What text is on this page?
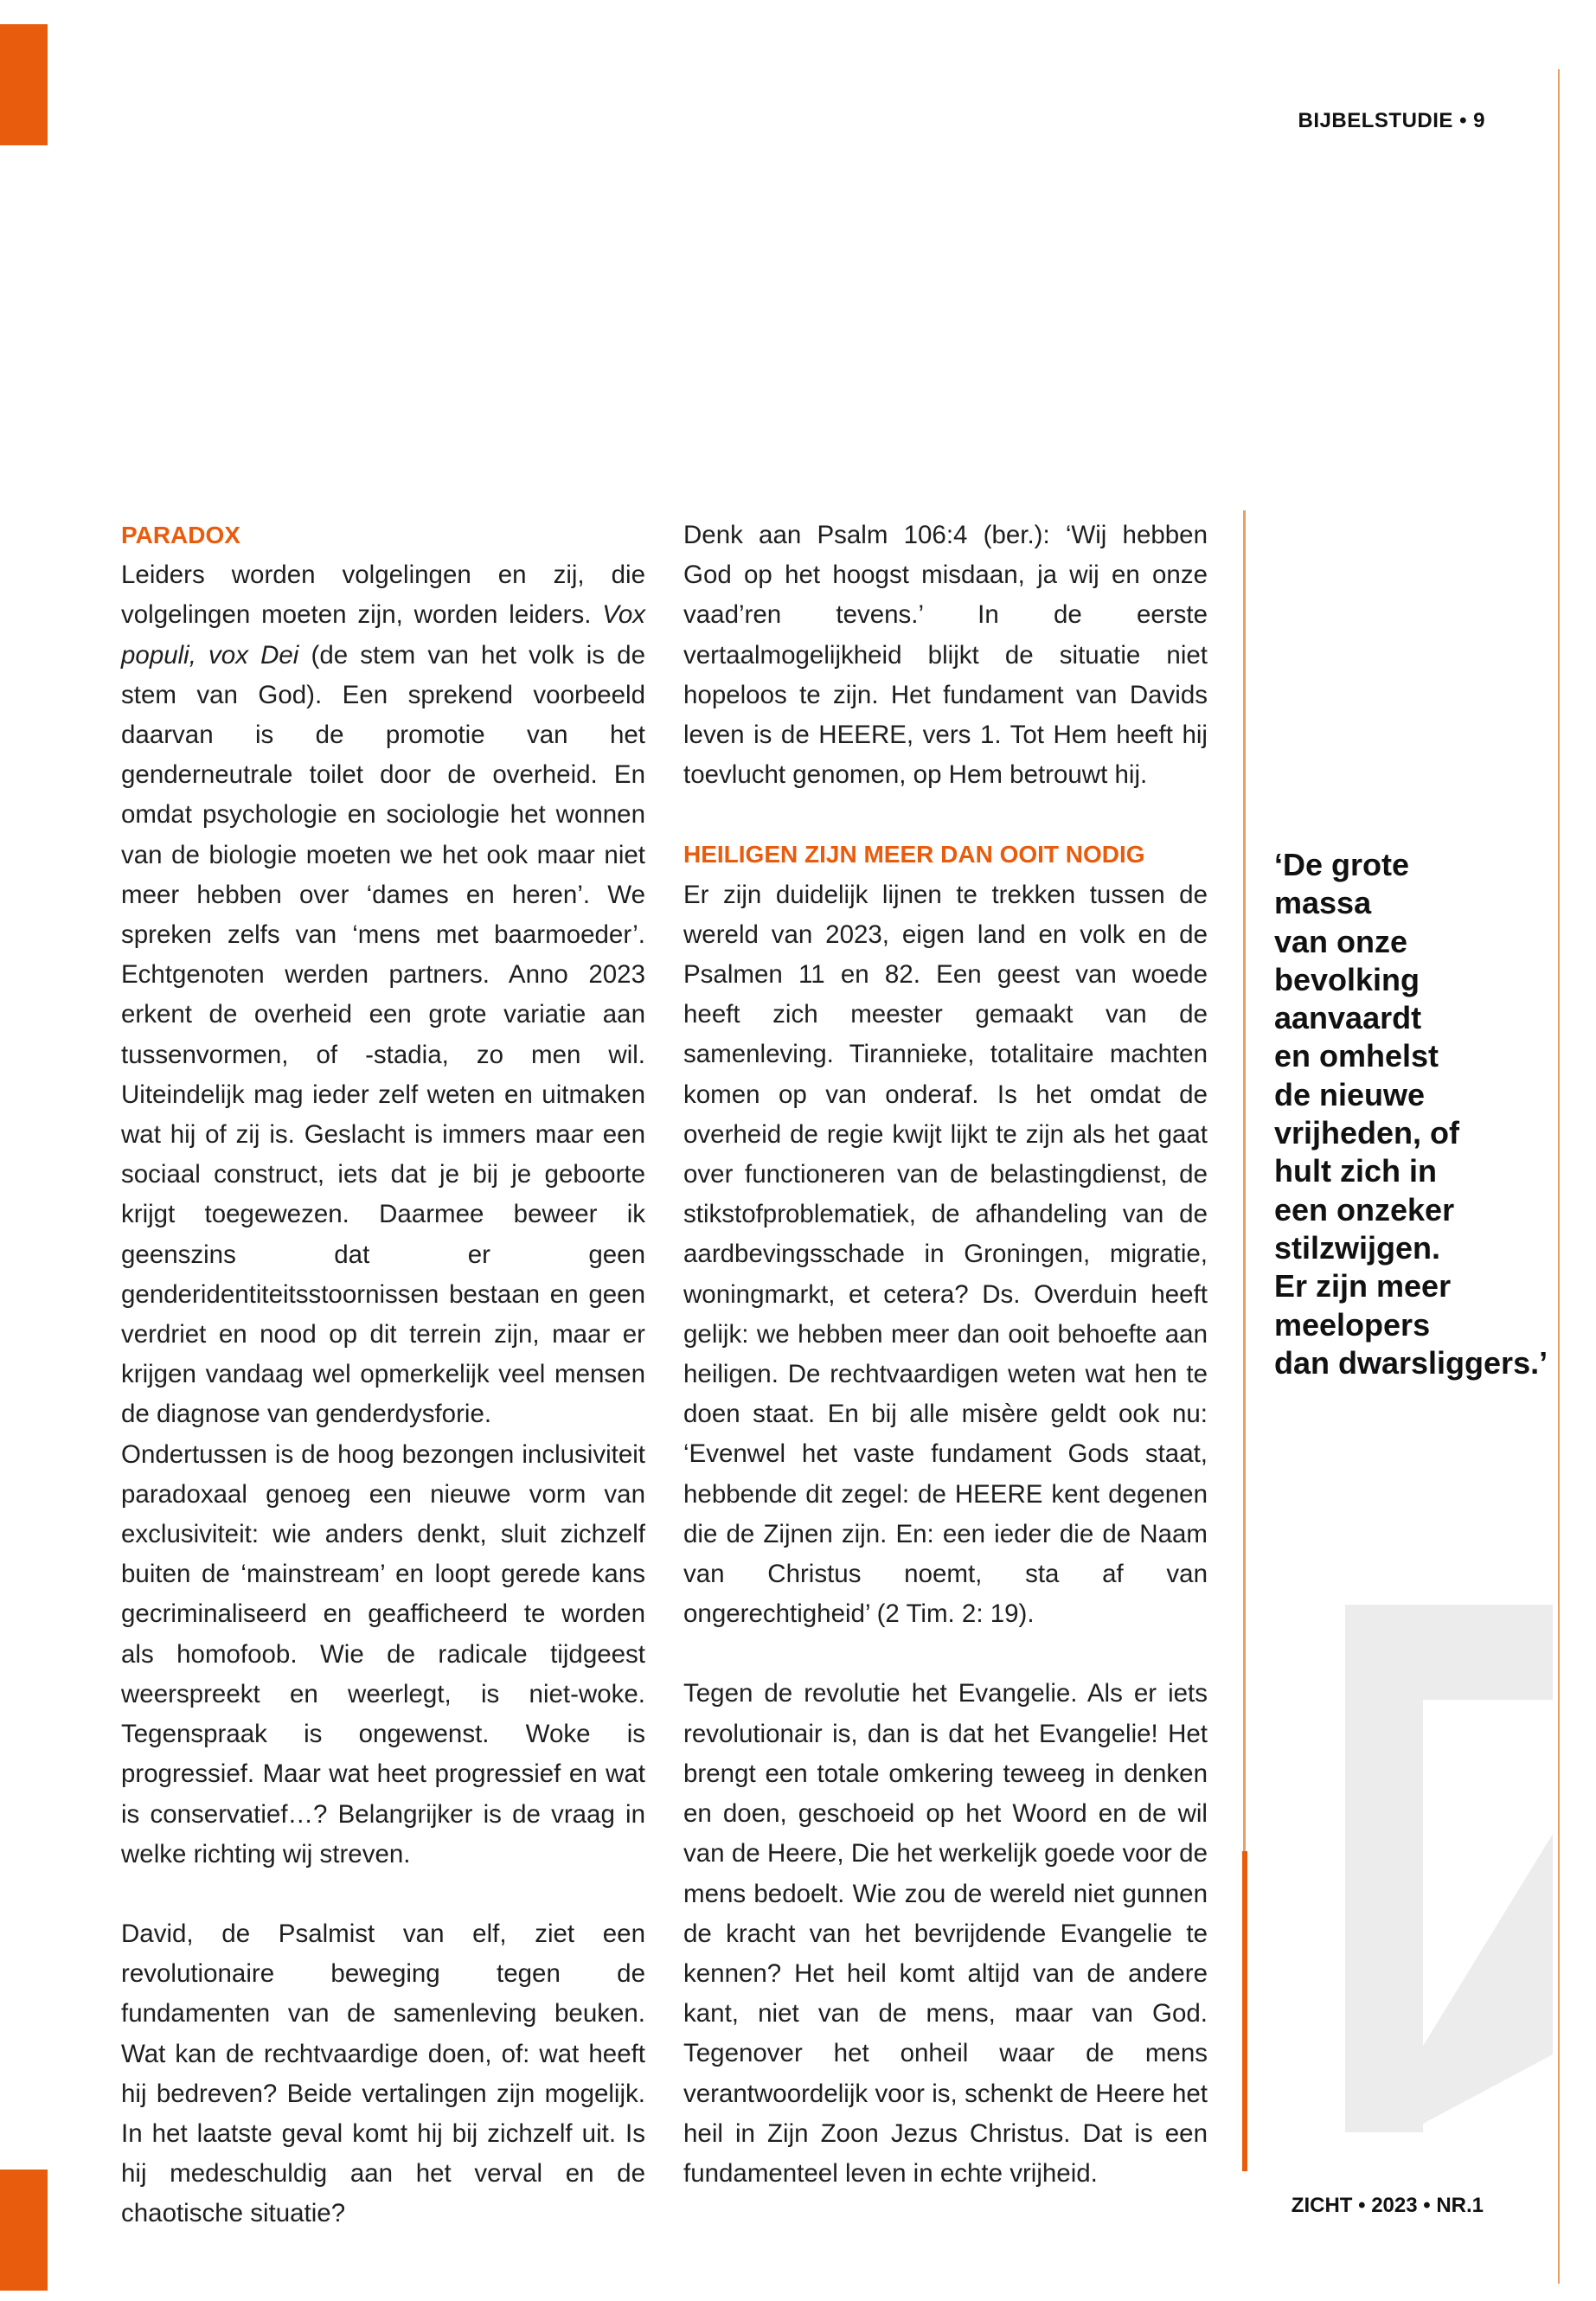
BIJBELSTUDIE • 9
PARADOX

Leiders worden volgelingen en zij, die volgelingen moeten zijn, worden leiders. Vox populi, vox Dei (de stem van het volk is de stem van God). Een sprekend voorbeeld daarvan is de promotie van het genderneutrale toilet door de overheid. En omdat psychologie en sociologie het wonnen van de biologie moeten we het ook maar niet meer hebben over ‘dames en heren’. We spreken zelfs van ‘mens met baarmoeder’. Echtgenoten werden partners. Anno 2023 erkent de overheid een grote variatie aan tussenvormen, of -stadia, zo men wil. Uiteindelijk mag ieder zelf weten en uitmaken wat hij of zij is. Geslacht is immers maar een sociaal construct, iets dat je bij je geboorte krijgt toegewezen. Daarmee beweer ik geenszins dat er geen genderidentiteitsstoornissen bestaan en geen verdriet en nood op dit terrein zijn, maar er krijgen vandaag wel opmerkelijk veel mensen de diagnose van genderdysforie.

Ondertussen is de hoog bezongen inclusiviteit paradoxaal genoeg een nieuwe vorm van exclusiviteit: wie anders denkt, sluit zichzelf buiten de ‘mainstream’ en loopt gerede kans gecriminaliseerd en geafficheerd te worden als homofoob. Wie de radicale tijdgeest weerspreekt en weerlegt, is niet-woke. Tegenspraak is ongewenst. Woke is progressief. Maar wat heet progressief en wat is conservatief…? Belangrijker is de vraag in welke richting wij streven.

David, de Psalmist van elf, ziet een revolutionaire beweging tegen de fundamenten van de samenleving beuken. Wat kan de rechtvaardige doen, of: wat heeft hij bedreven? Beide vertalingen zijn mogelijk. In het laatste geval komt hij bij zichzelf uit. Is hij medeschuldig aan het verval en de chaotische situatie?

Denk aan Psalm 106:4 (ber.): ‘Wij hebben God op het hoogst misdaan, ja wij en onze vaad’ren tevens.’ In de eerste vertaalmogelijkheid blijkt de situatie niet hopeloos te zijn. Het fundament van Davids leven is de HEERE, vers 1. Tot Hem heeft hij toevlucht genomen, op Hem betrouwt hij.

HEILIGEN ZIJN MEER DAN OOIT NODIG

Er zijn duidelijk lijnen te trekken tussen de wereld van 2023, eigen land en volk en de Psalmen 11 en 82. Een geest van woede heeft zich meester gemaakt van de samenleving. Tirannieke, totalitaire machten komen op van onderaf. Is het omdat de overheid de regie kwijt lijkt te zijn als het gaat over functioneren van de belastingdienst, de stikstofproblematiek, de afhandeling van de aardbevingsschade in Groningen, migratie, woningmarkt, et cetera? Ds. Overduin heeft gelijk: we hebben meer dan ooit behoefte aan heiligen. De rechtvaardigen weten wat hen te doen staat. En bij alle misère geldt ook nu: ‘Evenwel het vaste fundament Gods staat, hebbende dit zegel: de HEERE kent degenen die de Zijnen zijn. En: een ieder die de Naam van Christus noemt, sta af van ongerechtigheid’ (2 Tim. 2: 19).

Tegen de revolutie het Evangelie. Als er iets revolutionair is, dan is dat het Evangelie! Het brengt een totale omkering teweeg in denken en doen, geschoeid op het Woord en de wil van de Heere, Die het werkelijk goede voor de mens bedoelt. Wie zou de wereld niet gunnen de kracht van het bevrijdende Evangelie te kennen? Het heil komt altijd van de andere kant, niet van de mens, maar van God. Tegenover het onheil waar de mens verantwoordelijk voor is, schenkt de Heere het heil in Zijn Zoon Jezus Christus. Dat is een fundamenteel leven in echte vrijheid.

‘De grote
massa
van onze
bevolking
aanvaardt
en omhelst
de nieuwe
vrijheden, of
hult zich in
een onzeker
stilzwijgen.
Er zijn meer
meelopers
dan dwarsliggers.’
ZICHT • 2023 • NR.1
